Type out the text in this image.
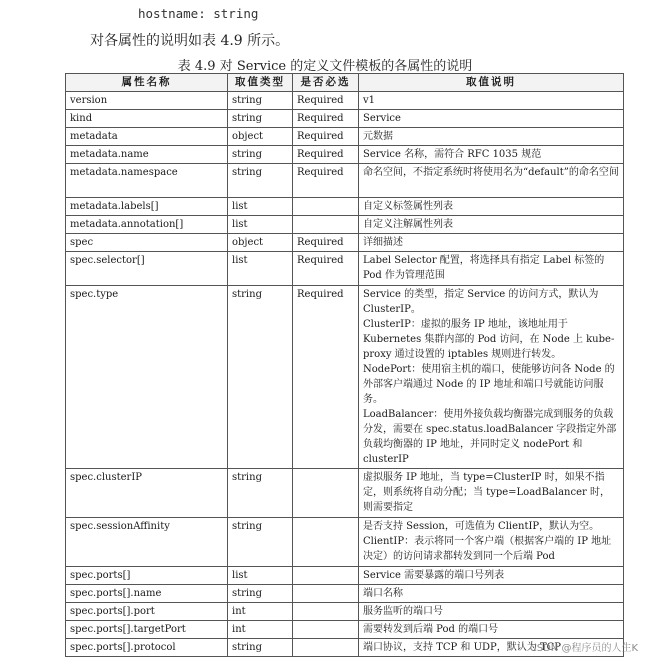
hostname: string
对各属性的说明如表 4.9 所示。
表 4.9 对 Service 的定义文件模板的各属性的说明
属性名称	取值类型	是否必选	取值说明
version	string	Required	v1

kind	string	Required	Service

metadata	object	Required	元数据

metadata.name	string	Required	Service 名称，需符合 RFC 1035 规范

metadata.namespace	string	Required	命名空间，不指定系统时将使用名为“default”的命名空间

metadata.labels[]	list		自定义标签属性列表

metadata.annotation[]	list		自定义注解属性列表

spec	object	Required	详细描述

spec.selector[]	list	Required	Label Selector 配置，将选择具有指定 Label 标签的 Pod 作为管理范围

spec.type	string	Required	Service 的类型，指定 Service 的访问方式，默认为 ClusterIP。

ClusterIP：虚拟的服务 IP 地址，该地址用于 Kubernetes 集群内部的 Pod 访问，在 Node 上 kube-proxy 通过设置的 iptables 规则进行转发。

NodePort：使用宿主机的端口，使能够访问各 Node 的外部客户端通过 Node 的 IP 地址和端口号就能访问服务。

LoadBalancer：使用外接负载均衡器完成到服务的负载分发，需要在 spec.status.loadBalancer 字段指定外部负载均衡器的 IP 地址，并同时定义 nodePort 和 clusterIP

spec.clusterIP	string		虚拟服务 IP 地址，当 type=ClusterIP 时，如果不指定，则系统将自动分配；当 type=LoadBalancer 时，则需要指定

spec.sessionAffinity	string		是否支持 Session，可选值为 ClientIP，默认为空。

ClientIP：表示将同一个客户端（根据客户端的 IP 地址决定）的访问请求都转发到同一个后端 Pod

spec.ports[]	list		Service 需要暴露的端口号列表

spec.ports[].name	string		端口名称

spec.ports[].port	int		服务监听的端口号

spec.ports[].targetPort	int		需要转发到后端 Pod 的端口号

spec.ports[].protocol	string		端口协议，支持 TCP 和 UDP，默认为 TCP

CSDN @程序员的人生K
